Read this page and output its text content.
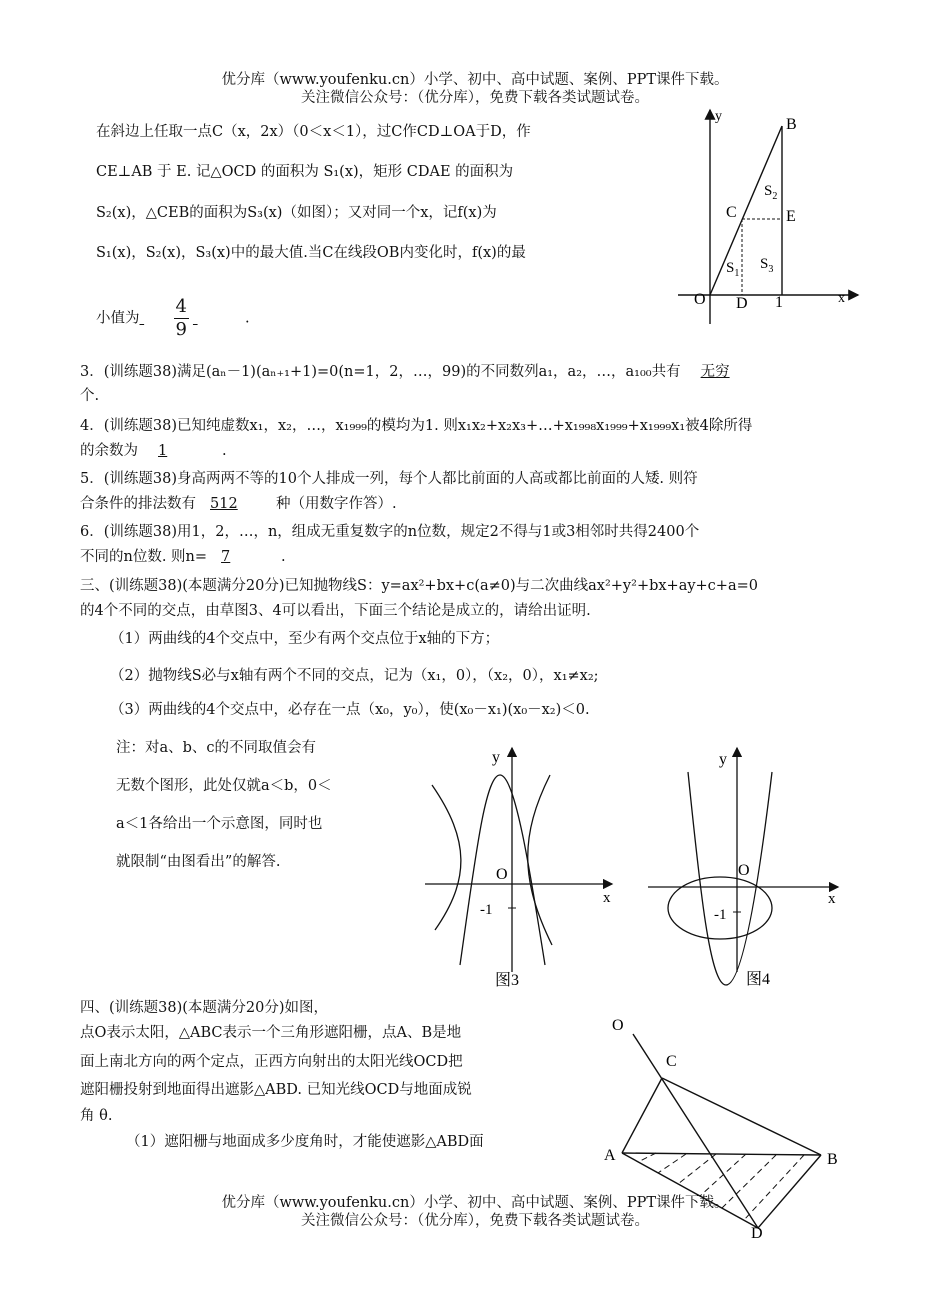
优分库（www.youfenku.cn）小学、初中、高中试题、案例、PPT课件下载。
关注微信公众号：（优分库），免费下载各类试题试卷。
在斜边上任取一点C（x，2x）（0＜x＜1），过C作CD⊥OA于D，作
CE⊥AB 于 E. 记△OCD 的面积为 S₁(x)，矩形 CDAE 的面积为
S₂(x)，△CEB的面积为S₃(x)（如图）；又对同一个x，记f(x)为
S₁(x)，S₂(x)，S₃(x)中的最大值.当C在线段OB内变化时，f(x)的最
小值为 $\frac{4}{9}$	.
B
C	E
y
x
O D 1
$S_2$
$S_1$
$S_3$
3．(训练题38)满足(aₙ－1)(aₙ₊₁+1)=0(n=1，2，…，99)的不同数列a₁，a₂，…，a₁₀₀共有 无穷
个.
4．(训练题38)已知纯虚数x₁，x₂，…，x₁₉₉₉的模均为1. 则x₁x₂+x₂x₃+…+x₁₉₉₈x₁₉₉₉+x₁₉₉₉x₁被4除所得
的余数为 1	.
5．(训练题38)身高两两不等的10个人排成一列，每个人都比前面的人高或都比前面的人矮. 则符
合条件的排法数有 512	种（用数字作答）.
6．(训练题38)用1，2，…，n，组成无重复数字的n位数，规定2不得与1或3相邻时共得2400个
不同的n位数. 则n= 7	.
三、(训练题38)(本题满分20分)已知抛物线S：y=ax²+bx+c(a≠0)与二次曲线ax²+y²+bx+ay+c+a=0
的4个不同的交点，由草图3、4可以看出，下面三个结论是成立的，请给出证明.
（1）两曲线的4个交点中，至少有两个交点位于x轴的下方；
（2）抛物线S必与x轴有两个不同的交点，记为（x₁，0），（x₂，0），x₁≠x₂;
（3）两曲线的4个交点中，必存在一点（x₀，y₀），使(x₀－x₁)(x₀－x₂)＜0.
注：对a、b、c的不同取值会有
无数个图形，此处仅就a＜b，0＜
a＜1各给出一个示意图，同时也
就限制“由图看出”的解答.
y
x
O
-1
图3
y
x
O
-1
图4
四、(训练题38)(本题满分20分)如图，
点O表示太阳，△ABC表示一个三角形遮阳栅，点A、B是地
面上南北方向的两个定点，正西方向射出的太阳光线OCD把
遮阳栅投射到地面得出遮影△ABD. 已知光线OCD与地面成锐
角 θ.
（1）遮阳栅与地面成多少度角时，才能使遮影△ABD面
O
C
A	B
D
优分库（www.youfenku.cn）小学、初中、高中试题、案例、PPT课件下载。
关注微信公众号：（优分库），免费下载各类试题试卷。
